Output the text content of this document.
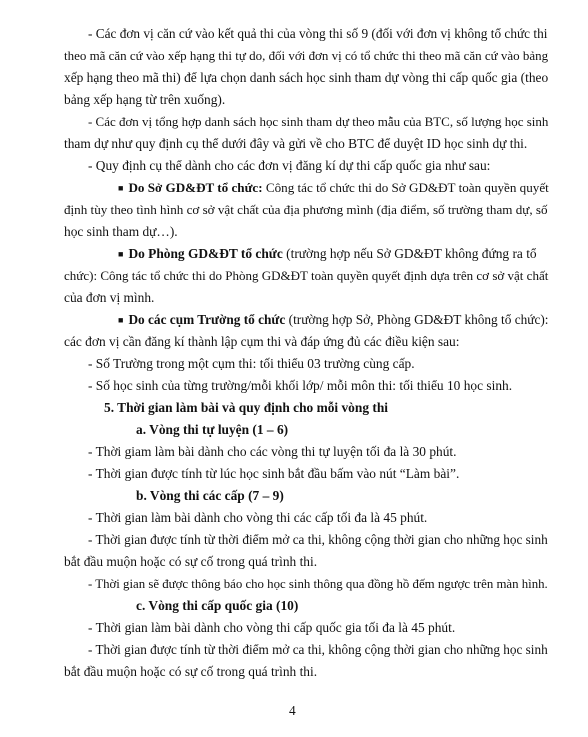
- Các đơn vị căn cứ vào kết quả thi của vòng thi số 9 (đối với đơn vị không tổ chức thi
theo mã căn cứ vào xếp hạng thi tự do, đối với đơn vị có tổ chức thi theo mã căn cứ vào bảng
xếp hạng theo mã thi) để lựa chọn danh sách học sinh tham dự vòng thi cấp quốc gia (theo
bảng xếp hạng từ trên xuống).
- Các đơn vị tổng hợp danh sách học sinh tham dự theo mẫu của BTC, số lượng học sinh
tham dự như quy định cụ thể dưới đây và gửi về cho BTC để duyệt ID học sinh dự thi.
- Quy định cụ thể dành cho các đơn vị đăng kí dự thi cấp quốc gia như sau:
■ Do Sở GD&ĐT tổ chức: Công tác tổ chức thi do Sở GD&ĐT toàn quyền quyết
định tùy theo tình hình cơ sở vật chất của địa phương mình (địa điểm, số trường tham dự, số
học sinh tham dự…).
■ Do Phòng GD&ĐT tổ chức (trường hợp nếu Sở GD&ĐT không đứng ra tổ
chức): Công tác tổ chức thi do Phòng GD&ĐT toàn quyền quyết định dựa trên cơ sở vật chất
của đơn vị mình.
■ Do các cụm Trường tổ chức (trường hợp Sở, Phòng GD&ĐT không tổ chức):
các đơn vị cần đăng kí thành lập cụm thi và đáp ứng đủ các điều kiện sau:
- Số Trường trong một cụm thi: tối thiểu 03 trường cùng cấp.
- Số học sinh của từng trường/mỗi khối lớp/ mỗi môn thi: tối thiểu 10 học sinh.
5. Thời gian làm bài và quy định cho mỗi vòng thi
a. Vòng thi tự luyện (1 – 6)
- Thời giam làm bài dành cho các vòng thi tự luyện tối đa là 30 phút.
- Thời gian được tính từ lúc học sinh bắt đầu bấm vào nút “Làm bài”.
b. Vòng thi các cấp (7 – 9)
- Thời gian làm bài dành cho vòng thi các cấp tối đa là 45 phút.
- Thời gian được tính từ thời điểm mở ca thi, không cộng thời gian cho những học sinh
bắt đầu muộn hoặc có sự cố trong quá trình thi.
- Thời gian sẽ được thông báo cho học sinh thông qua đồng hồ đếm ngược trên màn hình.
c. Vòng thi cấp quốc gia (10)
- Thời gian làm bài dành cho vòng thi cấp quốc gia tối đa là 45 phút.
- Thời gian được tính từ thời điểm mở ca thi, không cộng thời gian cho những học sinh
bắt đầu muộn hoặc có sự cố trong quá trình thi.
4
